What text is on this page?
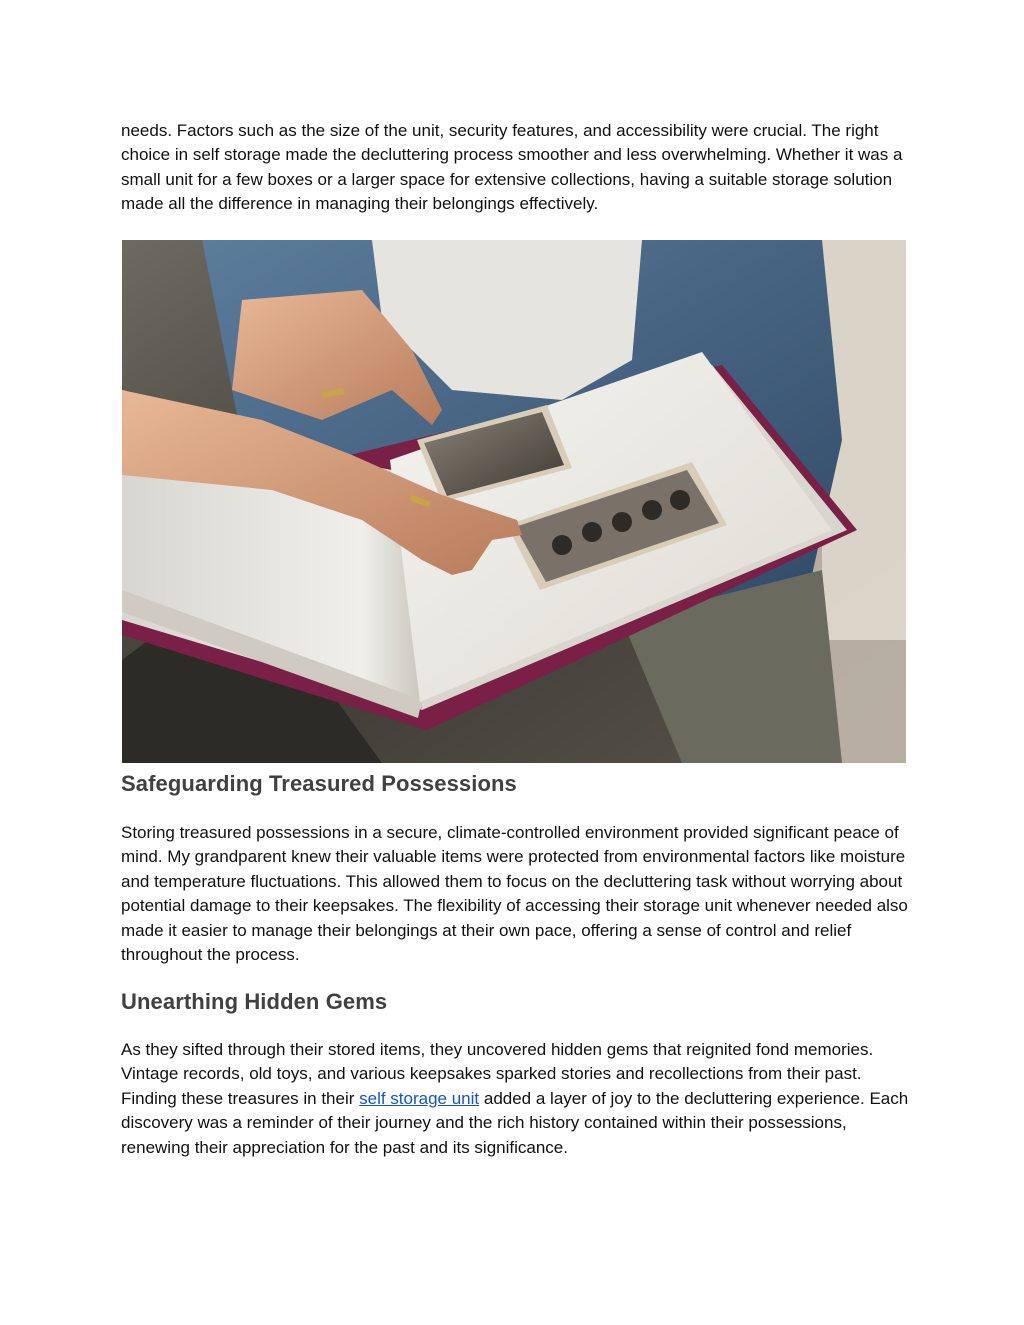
needs. Factors such as the size of the unit, security features, and accessibility were crucial. The right choice in self storage made the decluttering process smoother and less overwhelming. Whether it was a small unit for a few boxes or a larger space for extensive collections, having a suitable storage solution made all the difference in managing their belongings effectively.

Safeguarding Treasured Possessions

Storing treasured possessions in a secure, climate-controlled environment provided significant peace of mind. My grandparent knew their valuable items were protected from environmental factors like moisture and temperature fluctuations. This allowed them to focus on the decluttering task without worrying about potential damage to their keepsakes. The flexibility of accessing their storage unit whenever needed also made it easier to manage their belongings at their own pace, offering a sense of control and relief throughout the process.

Unearthing Hidden Gems

As they sifted through their stored items, they uncovered hidden gems that reignited fond memories. Vintage records, old toys, and various keepsakes sparked stories and recollections from their past. Finding these treasures in their self storage unit added a layer of joy to the decluttering experience. Each discovery was a reminder of their journey and the rich history contained within their possessions, renewing their appreciation for the past and its significance.
